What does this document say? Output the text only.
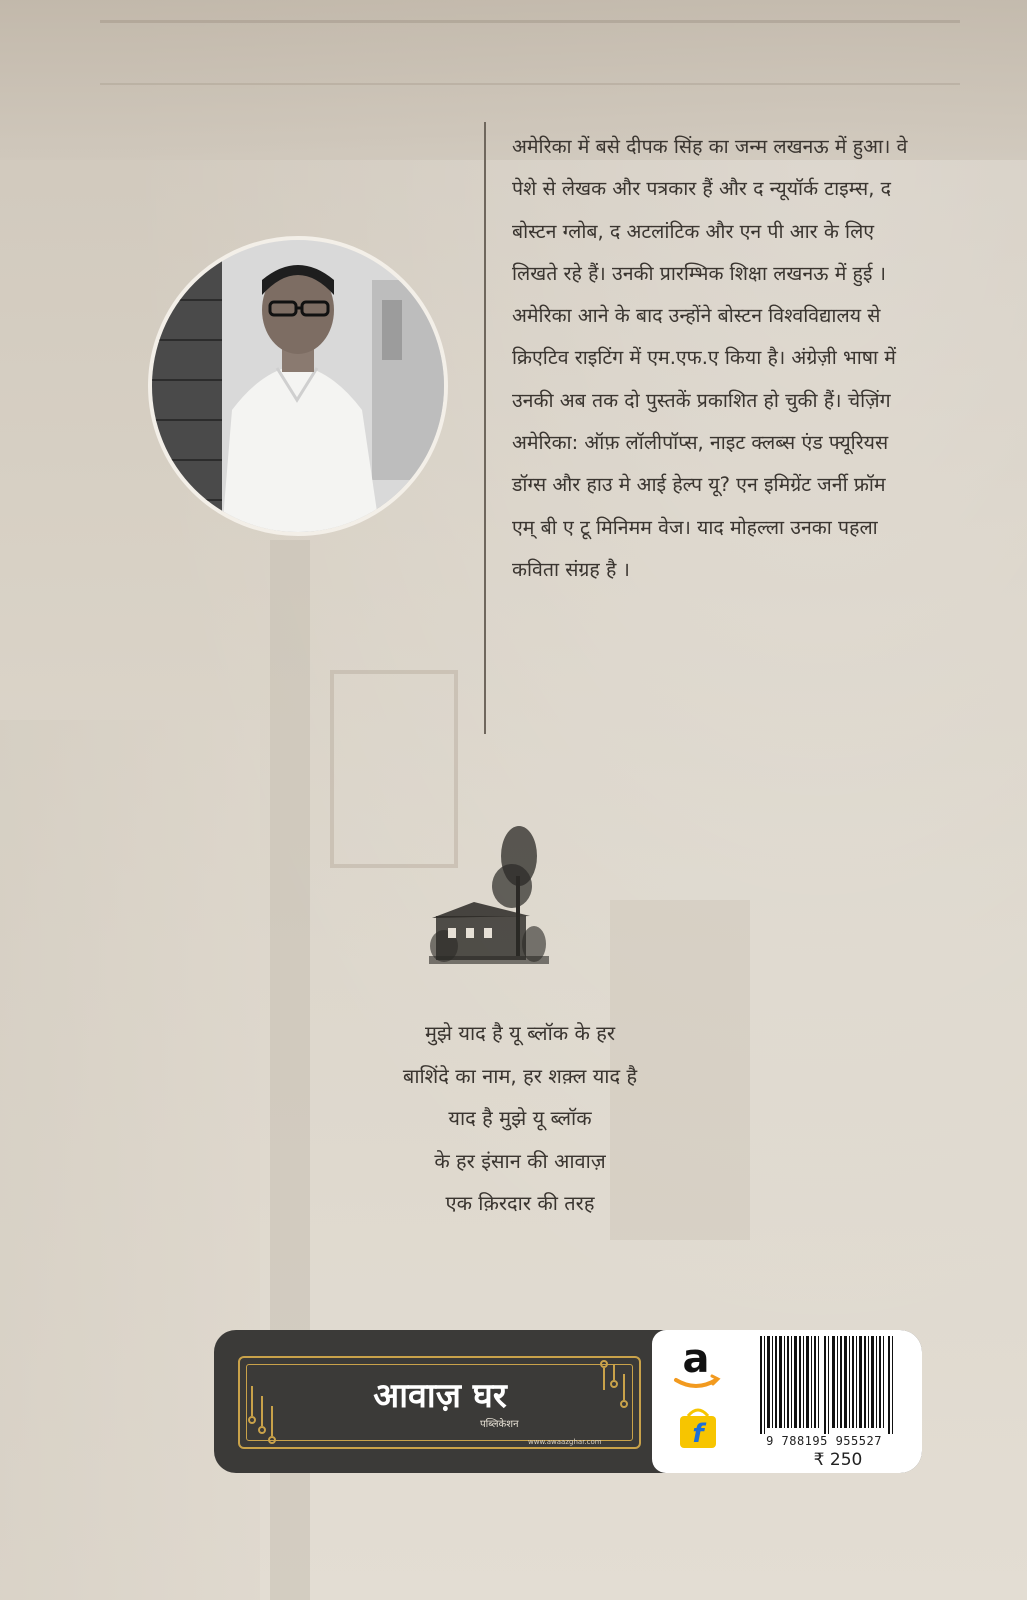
अमेरिका में बसे दीपक सिंह का जन्म लखनऊ में हुआ। वे पेशे से लेखक और पत्रकार हैं और द न्यूयॉर्क टाइम्स, द बोस्टन ग्लोब, द अटलांटिक और एन पी आर के लिए लिखते रहे हैं। उनकी प्रारम्भिक शिक्षा लखनऊ में हुई । अमेरिका आने के बाद उन्होंने बोस्टन विश्वविद्यालय से क्रिएटिव राइटिंग में एम.एफ.ए किया है। अंग्रेज़ी भाषा में उनकी अब तक दो पुस्तकें प्रकाशित हो चुकी हैं। चेज़िंग अमेरिका: ऑफ़ लॉलीपॉप्स, नाइट क्लब्स एंड फ्यूरियस डॉग्स और हाउ मे आई हेल्प यू? एन इमिग्रेंट जर्नी फ्रॉम एम् बी ए टू मिनिमम वेज। याद मोहल्ला उनका पहला कविता संग्रह है ।

मुझे याद है यू ब्लॉक के हर
बाशिंदे का नाम, हर शक़्ल याद है
याद है मुझे यू ब्लॉक
के हर इंसान की आवाज़
एक क़िरदार की तरह
आवाज़ घर
पब्लिकेशन
www.awaazghar.com
a
f	9 788195 955527
₹ 250
